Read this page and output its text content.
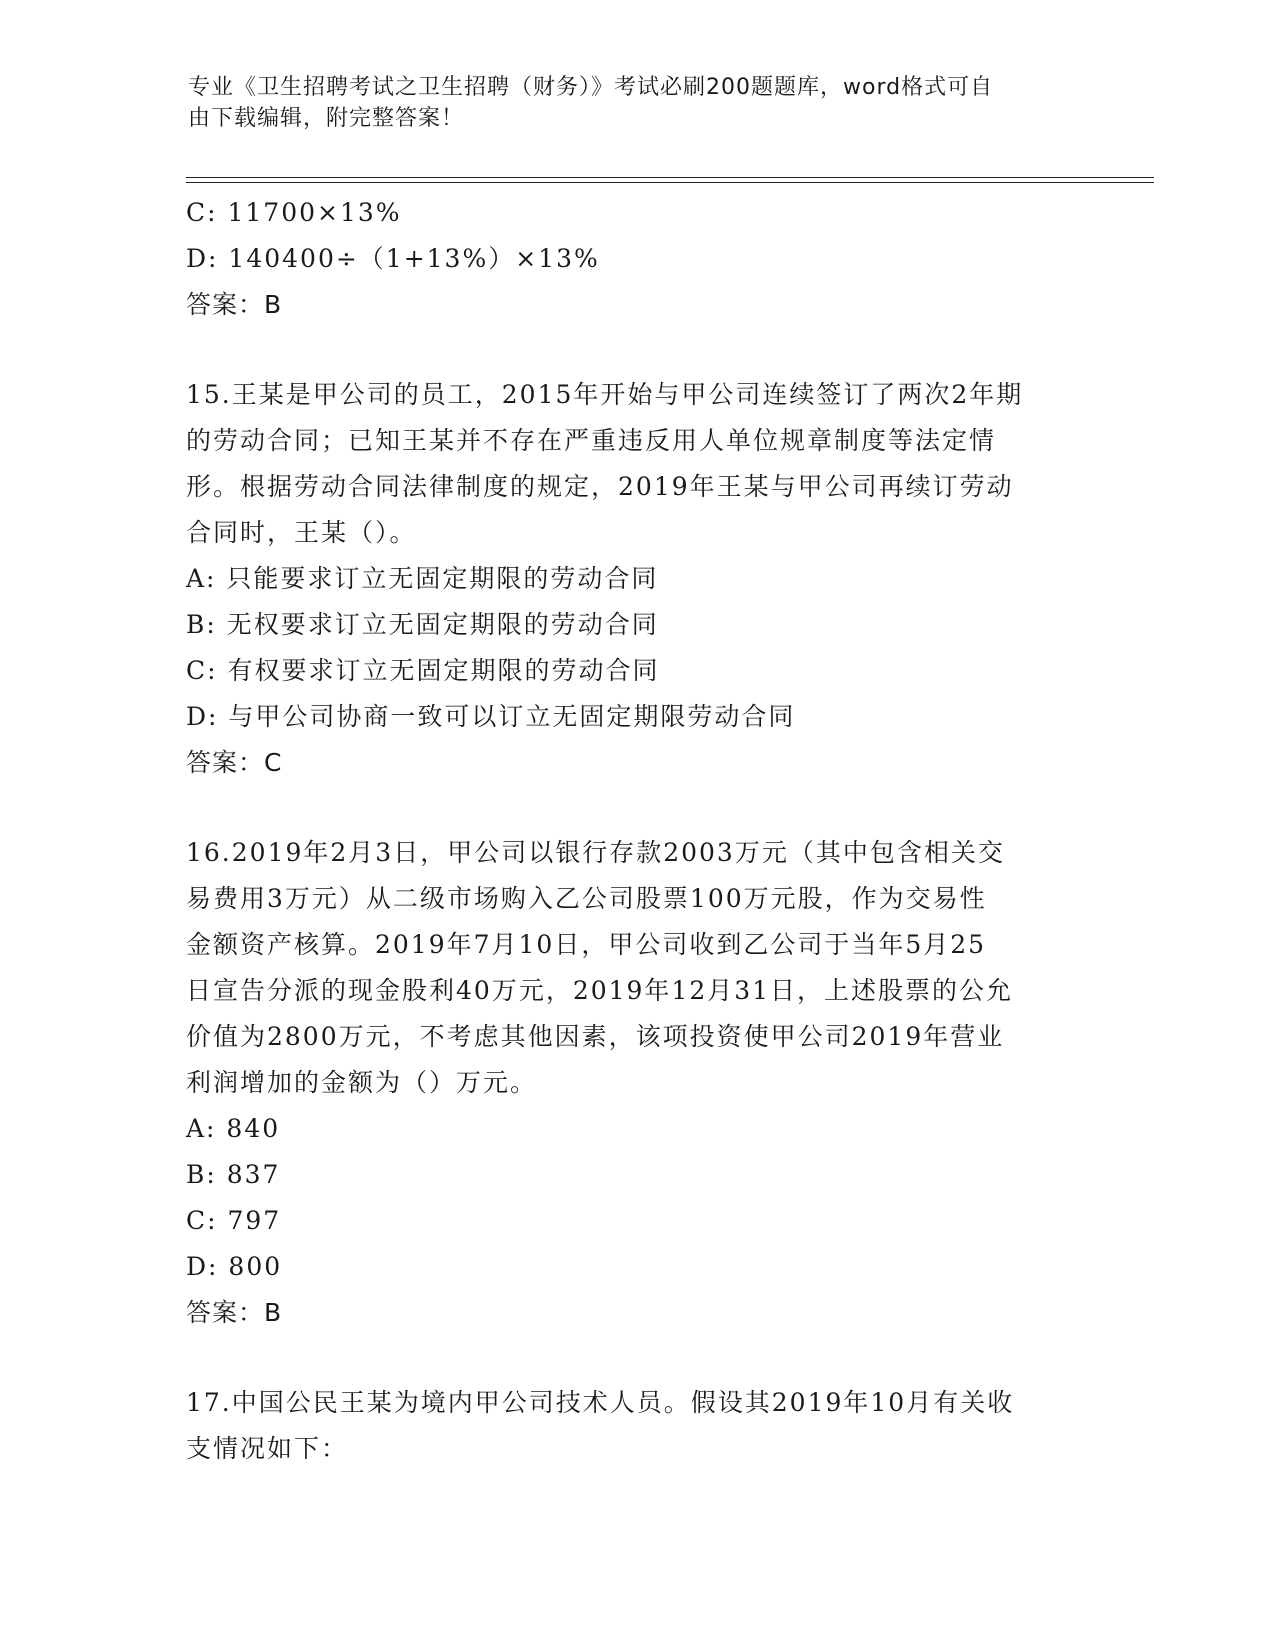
专业《卫生招聘考试之卫生招聘（财务）》考试必刷200题题库，word格式可自
由下载编辑，附完整答案！
C: 11700×13%
D: 140400÷（1+13%）×13%
答案：B
15.王某是甲公司的员工，2015年开始与甲公司连续签订了两次2年期
的劳动合同；已知王某并不存在严重违反用人单位规章制度等法定情
形。根据劳动合同法律制度的规定，2019年王某与甲公司再续订劳动
合同时，王某（）。
A: 只能要求订立无固定期限的劳动合同
B: 无权要求订立无固定期限的劳动合同
C: 有权要求订立无固定期限的劳动合同
D: 与甲公司协商一致可以订立无固定期限劳动合同
答案：C
16.2019年2月3日，甲公司以银行存款2003万元（其中包含相关交
易费用3万元）从二级市场购入乙公司股票100万元股，作为交易性
金额资产核算。2019年7月10日，甲公司收到乙公司于当年5月25
日宣告分派的现金股利40万元，2019年12月31日，上述股票的公允
价值为2800万元，不考虑其他因素，该项投资使甲公司2019年营业
利润增加的金额为（）万元。
A: 840
B: 837
C: 797
D: 800
答案：B
17.中国公民王某为境内甲公司技术人员。假设其2019年10月有关收
支情况如下：
